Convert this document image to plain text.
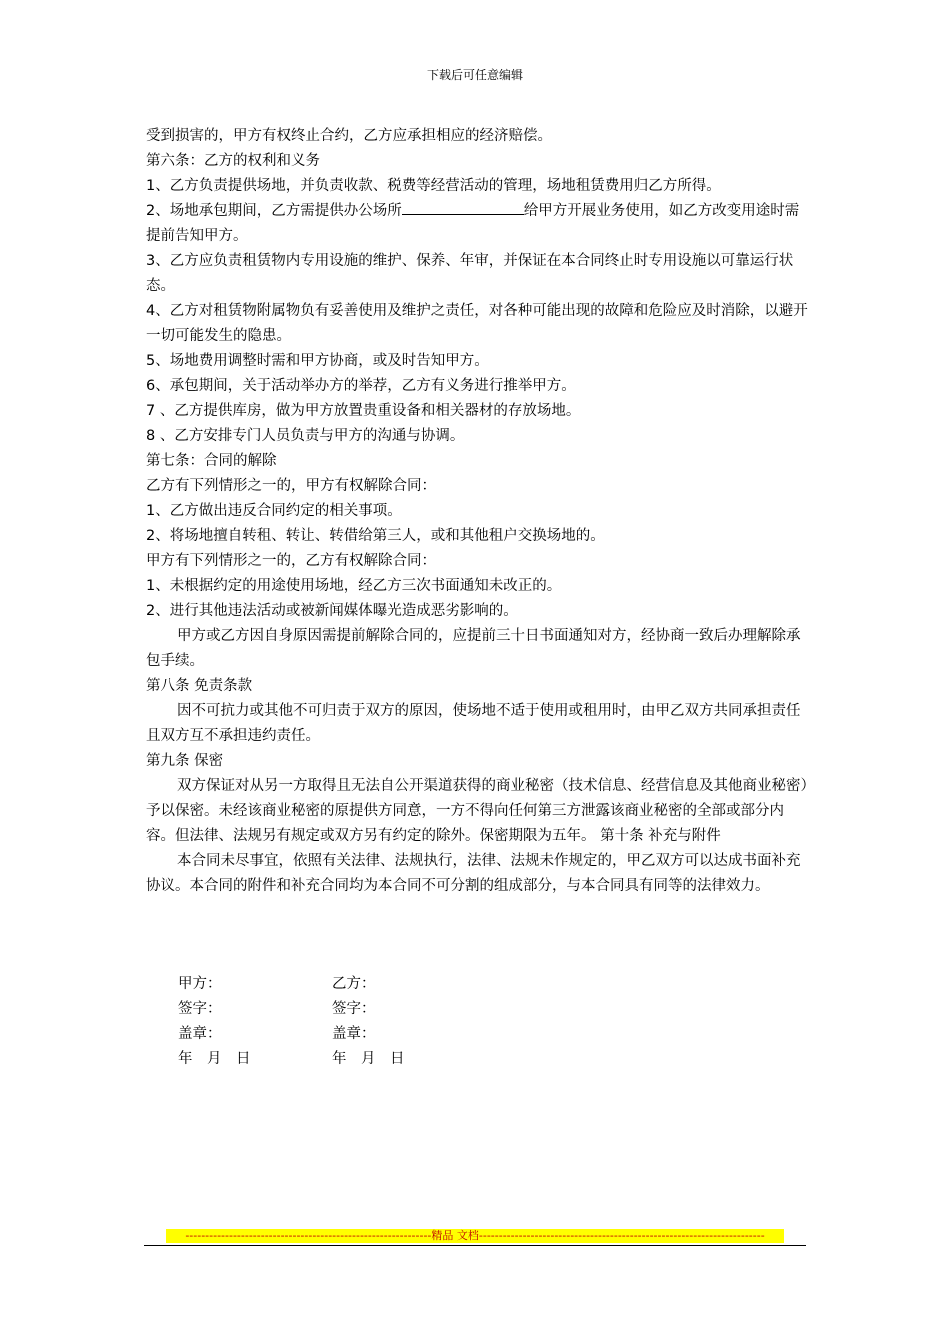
下载后可任意编辑

受到损害的，甲方有权终止合约，乙方应承担相应的经济赔偿。

第六条：乙方的权利和义务

1、乙方负责提供场地，并负责收款、税费等经营活动的管理，场地租赁费用归乙方所得。

2、场地承包期间，乙方需提供办公场所	给甲方开展业务使用，如乙方改变用途时需提前告知甲方。

3、乙方应负责租赁物内专用设施的维护、保养、年审，并保证在本合同终止时专用设施以可靠运行状态。

4、乙方对租赁物附属物负有妥善使用及维护之责任，对各种可能出现的故障和危险应及时消除，以避开一切可能发生的隐患。

5、场地费用调整时需和甲方协商，或及时告知甲方。

6、承包期间，关于活动举办方的举荐，乙方有义务进行推举甲方。

7 、乙方提供库房，做为甲方放置贵重设备和相关器材的存放场地。

8 、乙方安排专门人员负责与甲方的沟通与协调。

第七条：合同的解除

乙方有下列情形之一的，甲方有权解除合同：

1、乙方做出违反合同约定的相关事项。

2、将场地擅自转租、转让、转借给第三人，或和其他租户交换场地的。

甲方有下列情形之一的，乙方有权解除合同：

1、未根据约定的用途使用场地，经乙方三次书面通知未改正的。

2、进行其他违法活动或被新闻媒体曝光造成恶劣影响的。

甲方或乙方因自身原因需提前解除合同的，应提前三十日书面通知对方，经协商一致后办理解除承包手续。

第八条 免责条款

因不可抗力或其他不可归责于双方的原因，使场地不适于使用或租用时，由甲乙双方共同承担责任且双方互不承担违约责任。

第九条 保密

双方保证对从另一方取得且无法自公开渠道获得的商业秘密（技术信息、经营信息及其他商业秘密）予以保密。未经该商业秘密的原提供方同意，一方不得向任何第三方泄露该商业秘密的全部或部分内容。但法律、法规另有规定或双方另有约定的除外。保密期限为五年。 第十条 补充与附件

本合同未尽事宜，依照有关法律、法规执行，法律、法规未作规定的，甲乙双方可以达成书面补充协议。本合同的附件和补充合同均为本合同不可分割的组成部分，与本合同具有同等的法律效力。

甲方：	乙方：
签字：	签字：
盖章：	盖章：
年　月　日	年　月　日
--------------------------------------------------------------精品 文档------------------------------------------------------------------------
